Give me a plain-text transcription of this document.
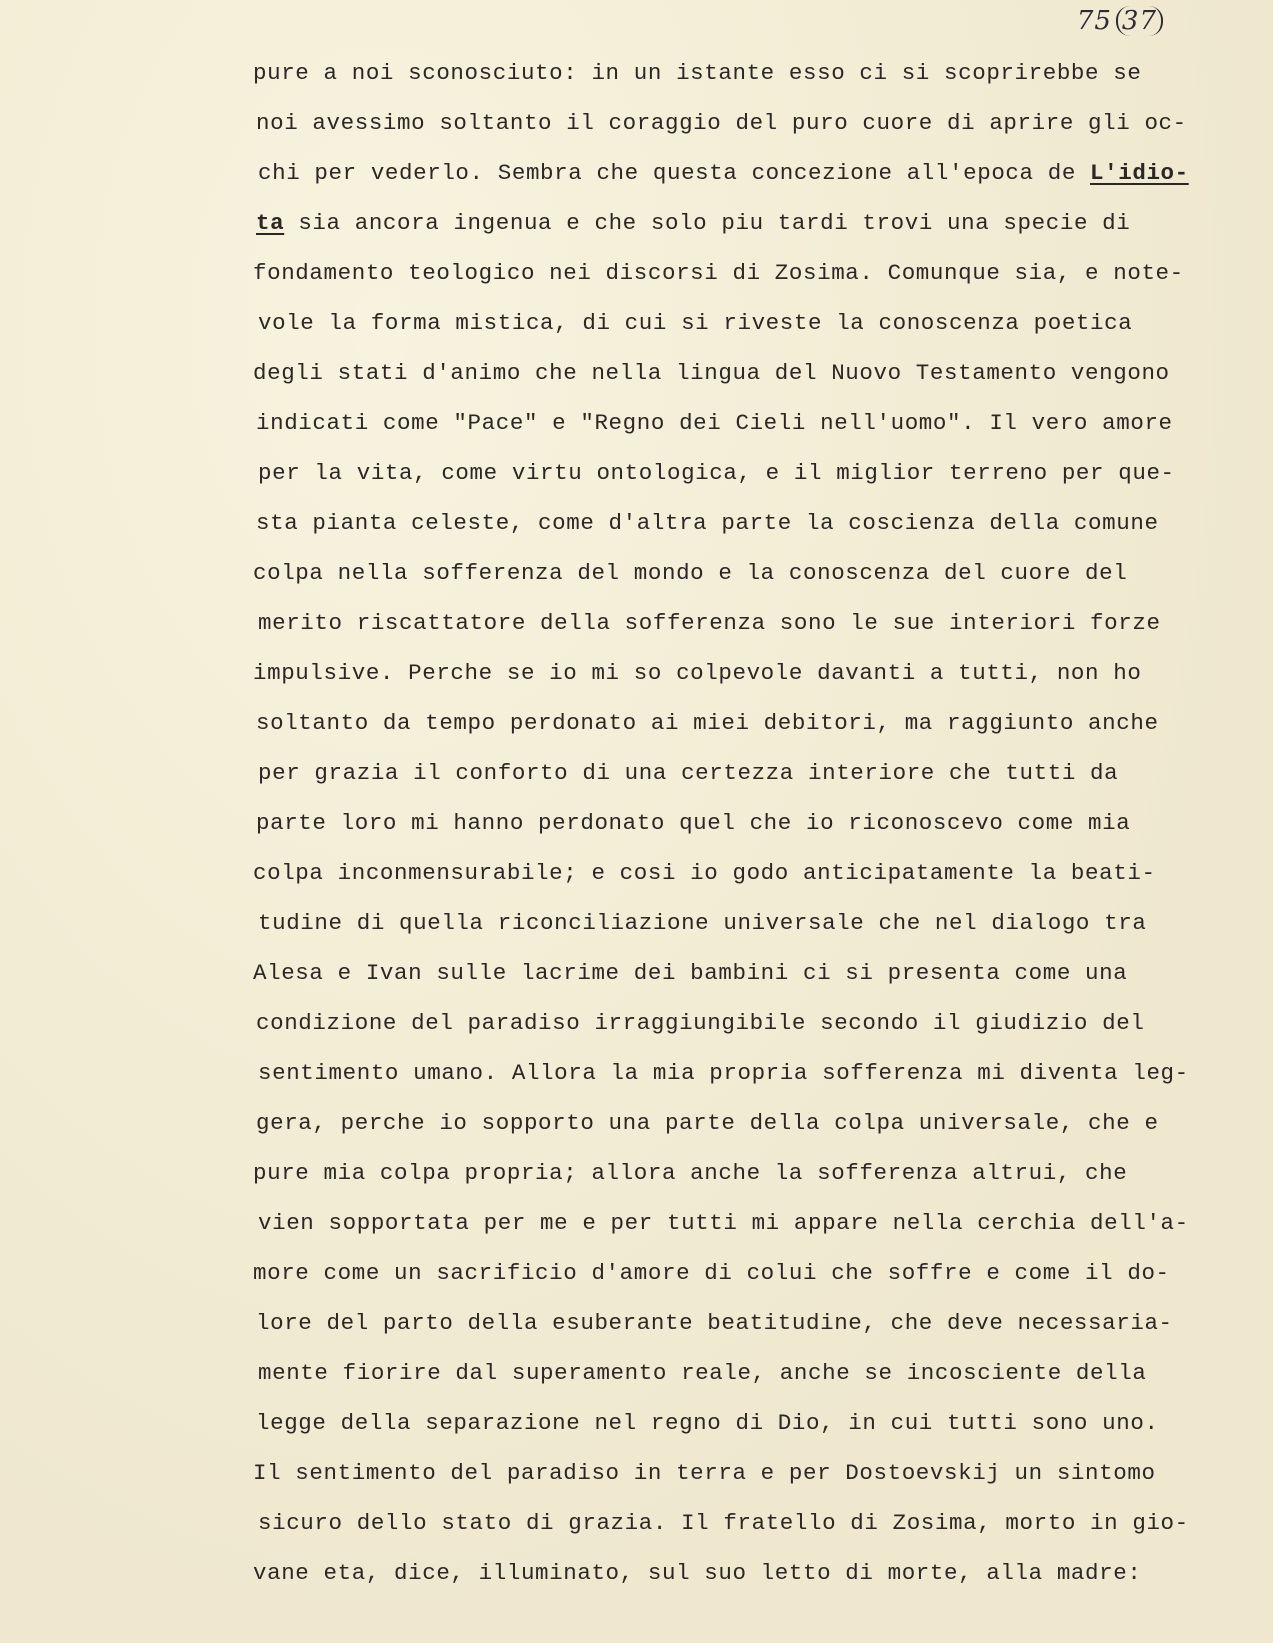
75 37
pure a noi sconosciuto: in un istante esso ci si scoprirebbe se
noi avessimo soltanto il coraggio del puro cuore di aprire gli oc-
chi per vederlo. Sembra che questa concezione all'epoca de L'idio-
ta sia ancora ingenua e che solo piu tardi trovi una specie di
fondamento teologico nei discorsi di Zosima. Comunque sia, e note-
vole la forma mistica, di cui si riveste la conoscenza poetica
degli stati d'animo che nella lingua del Nuovo Testamento vengono
indicati come "Pace" e "Regno dei Cieli nell'uomo". Il vero amore
per la vita, come virtu ontologica, e il miglior terreno per que-
sta pianta celeste, come d'altra parte la coscienza della comune
colpa nella sofferenza del mondo e la conoscenza del cuore del
merito riscattatore della sofferenza sono le sue interiori forze
impulsive. Perche se io mi so colpevole davanti a tutti, non ho
soltanto da tempo perdonato ai miei debitori, ma raggiunto anche
per grazia il conforto di una certezza interiore che tutti da
parte loro mi hanno perdonato quel che io riconoscevo come mia
colpa inconmensurabile; e cosi io godo anticipatamente la beati-
tudine di quella riconciliazione universale che nel dialogo tra
Alesa e Ivan sulle lacrime dei bambini ci si presenta come una
condizione del paradiso irraggiungibile secondo il giudizio del
sentimento umano. Allora la mia propria sofferenza mi diventa leg-
gera, perche io sopporto una parte della colpa universale, che e
pure mia colpa propria; allora anche la sofferenza altrui, che
vien sopportata per me e per tutti mi appare nella cerchia dell'a-
more come un sacrificio d'amore di colui che soffre e come il do-
lore del parto della esuberante beatitudine, che deve necessaria-
mente fiorire dal superamento reale, anche se incosciente della
legge della separazione nel regno di Dio, in cui tutti sono uno.
Il sentimento del paradiso in terra e per Dostoevskij un sintomo
sicuro dello stato di grazia. Il fratello di Zosima, morto in gio-
vane eta, dice, illuminato, sul suo letto di morte, alla madre:
